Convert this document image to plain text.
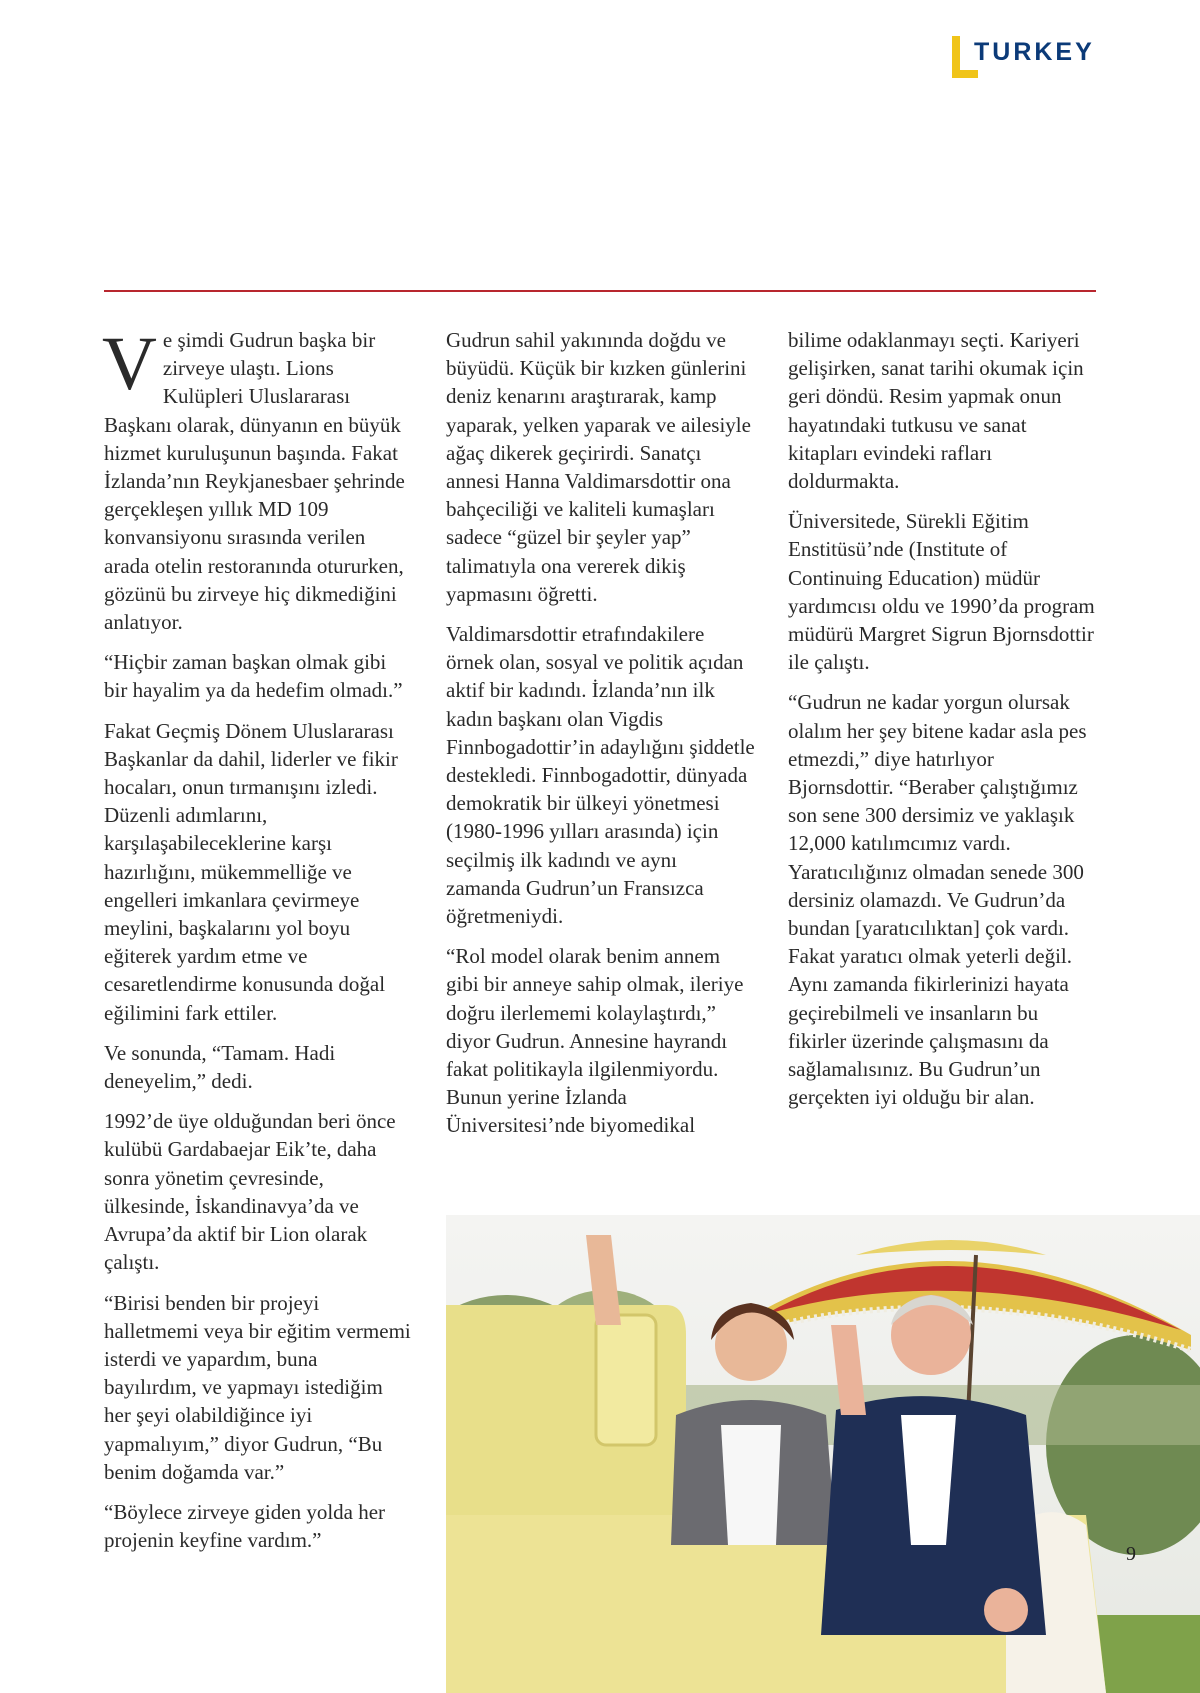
TURKEY

Ve şimdi Gudrun başka bir zirveye ulaştı. Lions Kulüpleri Uluslararası Başkanı olarak, dünyanın en büyük hizmet kuruluşunun başında. Fakat İzlanda’nın Reykjanesbaer şehrinde gerçekleşen yıllık MD 109 konvansiyonu sırasında verilen arada otelin restoranında otururken, gözünü bu zirveye hiç dikmediğini anlatıyor.

“Hiçbir zaman başkan olmak gibi bir hayalim ya da hedefim olmadı.”

Fakat Geçmiş Dönem Uluslararası Başkanlar da dahil, liderler ve fikir hocaları, onun tırmanışını izledi. Düzenli adımlarını, karşılaşabileceklerine karşı hazırlığını, mükemmelliğe ve engelleri imkanlara çevirmeye meylini, başkalarını yol boyu eğiterek yardım etme ve cesaretlendirme konusunda doğal eğilimini fark ettiler.

Ve sonunda, “Tamam. Hadi deneyelim,” dedi.

1992’de üye olduğundan beri önce kulübü Gardabaejar Eik’te, daha sonra yönetim çevresinde, ülkesinde, İskandinavya’da ve Avrupa’da aktif bir Lion olarak çalıştı.

“Birisi benden bir projeyi halletmemi veya bir eğitim vermemi isterdi ve yapardım, buna bayılırdım, ve yapmayı istediğim her şeyi olabildiğince iyi yapmalıyım,” diyor Gudrun, “Bu benim doğamda var.”

“Böylece zirveye giden yolda her projenin keyfine vardım.”

Gudrun sahil yakınında doğdu ve büyüdü. Küçük bir kızken günlerini deniz kenarını araştırarak, kamp yaparak, yelken yaparak ve ailesiyle ağaç dikerek geçirirdi. Sanatçı annesi Hanna Valdimarsdottir ona bahçeciliği ve kaliteli kumaşları sadece “güzel bir şeyler yap” talimatıyla ona vererek dikiş yapmasını öğretti.

Valdimarsdottir etrafındakilere örnek olan, sosyal ve politik açıdan aktif bir kadındı. İzlanda’nın ilk kadın başkanı olan Vigdis Finnbogadottir’in adaylığını şiddetle destekledi. Finnbogadottir, dünyada demokratik bir ülkeyi yönetmesi (1980-1996 yılları arasında) için seçilmiş ilk kadındı ve aynı zamanda Gudrun’un Fransızca öğretmeniydi.

“Rol model olarak benim annem gibi bir anneye sahip olmak, ileriye doğru ilerlememi kolaylaştırdı,” diyor Gudrun. Annesine hayrandı fakat politikayla ilgilenmiyordu. Bunun yerine İzlanda Üniversitesi’nde biyomedikal

bilime odaklanmayı seçti. Kariyeri gelişirken, sanat tarihi okumak için geri döndü. Resim yapmak onun hayatındaki tutkusu ve sanat kitapları evindeki rafları doldurmakta.

Üniversitede, Sürekli Eğitim Enstitüsü’nde (Institute of Continuing Education) müdür yardımcısı oldu ve 1990’da program müdürü Margret Sigrun Bjornsdottir ile çalıştı.

“Gudrun ne kadar yorgun olursak olalım her şey bitene kadar asla pes etmezdi,” diye hatırlıyor Bjornsdottir. “Beraber çalıştığımız son sene 300 dersimiz ve yaklaşık 12,000 katılımcımız vardı. Yaratıcılığınız olmadan senede 300 dersiniz olamazdı. Ve Gudrun’da bundan [yaratıcılıktan] çok vardı. Fakat yaratıcı olmak yeterli değil. Aynı zamanda fikirlerinizi hayata geçirebilmeli ve insanların bu fikirler üzerinde çalışmasını da sağlamalısınız. Bu Gudrun’un gerçekten iyi olduğu bir alan.

9
